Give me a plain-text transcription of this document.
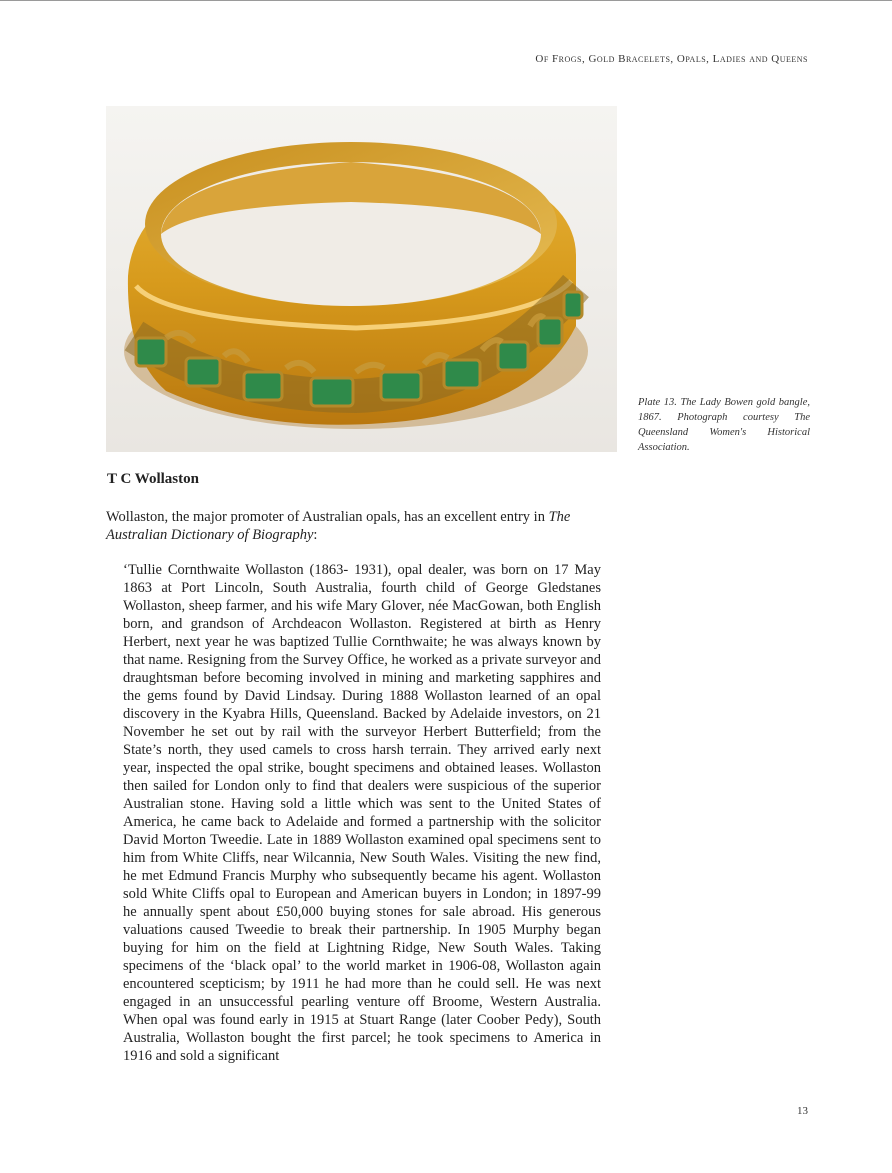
Of Frogs, Gold Bracelets, Opals, Ladies and Queens
Plate 13. The Lady Bowen gold bangle, 1867. Photograph courtesy The Queensland Women's Historical Association.
T C Wollaston

Wollaston, the major promoter of Australian opals, has an excellent entry in The Australian Dictionary of Biography:

‘Tullie Cornthwaite Wollaston (1863- 1931), opal dealer, was born on 17 May 1863 at Port Lincoln, South Australia, fourth child of George Gledstanes Wollaston, sheep farmer, and his wife Mary Glover, née MacGowan, both English born, and grandson of Archdeacon Wollaston. Registered at birth as Henry Herbert, next year he was baptized Tullie Cornthwaite; he was always known by that name. Resigning from the Survey Office, he worked as a private surveyor and draughtsman before becoming involved in mining and marketing sapphires and the gems found by David Lindsay. During 1888 Wollaston learned of an opal discovery in the Kyabra Hills, Queensland. Backed by Adelaide investors, on 21 November he set out by rail with the surveyor Herbert Butterfield; from the State’s north, they used camels to cross harsh terrain. They arrived early next year, inspected the opal strike, bought specimens and obtained leases. Wollaston then sailed for London only to find that dealers were suspicious of the superior Australian stone. Having sold a little which was sent to the United States of America, he came back to Adelaide and formed a partnership with the solicitor David Morton Tweedie. Late in 1889 Wollaston examined opal specimens sent to him from White Cliffs, near Wilcannia, New South Wales. Visiting the new find, he met Edmund Francis Murphy who subsequently became his agent. Wollaston sold White Cliffs opal to European and American buyers in London; in 1897-99 he annually spent about £50,000 buying stones for sale abroad. His generous valuations caused Tweedie to break their partnership. In 1905 Murphy began buying for him on the field at Lightning Ridge, New South Wales. Taking specimens of the ‘black opal’ to the world market in 1906-08, Wollaston again encountered scepticism; by 1911 he had more than he could sell. He was next engaged in an unsuccessful pearling venture off Broome, Western Australia. When opal was found early in 1915 at Stuart Range (later Coober Pedy), South Australia, Wollaston bought the first parcel; he took specimens to America in 1916 and sold a significant

13
